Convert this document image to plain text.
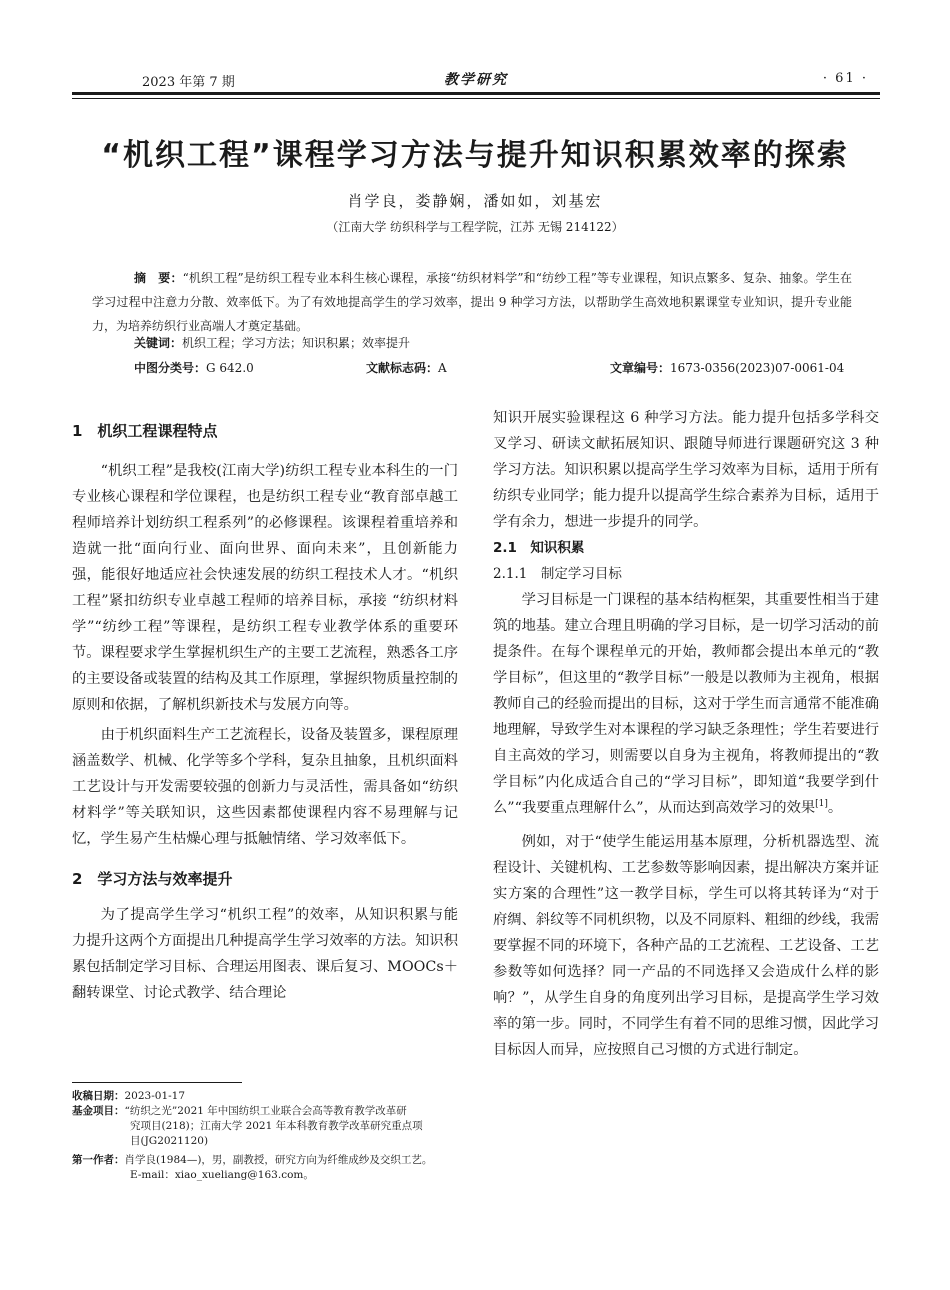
2023 年第 7 期	教学研究	· 61 ·
“机织工程”课程学习方法与提升知识积累效率的探索
肖学良，娄静娴，潘如如，刘基宏
（江南大学 纺织科学与工程学院，江苏 无锡 214122）
摘　要：“机织工程”是纺织工程专业本科生核心课程，承接“纺织材料学”和“纺纱工程”等专业课程，知识点繁多、复杂、抽象。学生在学习过程中注意力分散、效率低下。为了有效地提高学生的学习效率，提出 9 种学习方法，以帮助学生高效地积累课堂专业知识，提升专业能力，为培养纺织行业高端人才奠定基础。
关键词：机织工程；学习方法；知识积累；效率提升
中图分类号：G 642.0	文献标志码：A	文章编号：1673-0356(2023)07-0061-04

1　机织工程课程特点

“机织工程”是我校(江南大学)纺织工程专业本科生的一门专业核心课程和学位课程，也是纺织工程专业“教育部卓越工程师培养计划纺织工程系列”的必修课程。该课程着重培养和造就一批“面向行业、面向世界、面向未来”，且创新能力强，能很好地适应社会快速发展的纺织工程技术人才。“机织工程”紧扣纺织专业卓越工程师的培养目标，承接 “纺织材料学”“纺纱工程”等课程，是纺织工程专业教学体系的重要环节。课程要求学生掌握机织生产的主要工艺流程，熟悉各工序的主要设备或装置的结构及其工作原理，掌握织物质量控制的原则和依据，了解机织新技术与发展方向等。

由于机织面料生产工艺流程长，设备及装置多，课程原理涵盖数学、机械、化学等多个学科，复杂且抽象，且机织面料工艺设计与开发需要较强的创新力与灵活性，需具备如“纺织材料学”等关联知识，这些因素都使课程内容不易理解与记忆，学生易产生枯燥心理与抵触情绪、学习效率低下。

2　学习方法与效率提升

为了提高学生学习“机织工程”的效率，从知识积累与能力提升这两个方面提出几种提高学生学习效率的方法。知识积累包括制定学习目标、合理运用图表、课后复习、MOOCs＋翻转课堂、讨论式教学、结合理论

知识开展实验课程这 6 种学习方法。能力提升包括多学科交叉学习、研读文献拓展知识、跟随导师进行课题研究这 3 种学习方法。知识积累以提高学生学习效率为目标，适用于所有纺织专业同学；能力提升以提高学生综合素养为目标，适用于学有余力，想进一步提升的同学。

2.1　知识积累

2.1.1　制定学习目标

学习目标是一门课程的基本结构框架，其重要性相当于建筑的地基。建立合理且明确的学习目标，是一切学习活动的前提条件。在每个课程单元的开始，教师都会提出本单元的“教学目标”，但这里的“教学目标”一般是以教师为主视角，根据教师自己的经验而提出的目标，这对于学生而言通常不能准确地理解，导致学生对本课程的学习缺乏条理性；学生若要进行自主高效的学习，则需要以自身为主视角，将教师提出的“教学目标”内化成适合自己的“学习目标”，即知道“我要学到什么”“我要重点理解什么”，从而达到高效学习的效果[1]。

例如，对于“使学生能运用基本原理，分析机器选型、流程设计、关键机构、工艺参数等影响因素，提出解决方案并证实方案的合理性”这一教学目标，学生可以将其转译为“对于府绸、斜纹等不同机织物，以及不同原料、粗细的纱线，我需要掌握不同的环境下，各种产品的工艺流程、工艺设备、工艺参数等如何选择？同一产品的不同选择又会造成什么样的影响？”，从学生自身的角度列出学习目标，是提高学生学习效率的第一步。同时，不同学生有着不同的思维习惯，因此学习目标因人而异，应按照自己习惯的方式进行制定。

收稿日期：2023-01-17
基金项目：“纺织之光”2021 年中国纺织工业联合会高等教育教学改革研
究项目(218)；江南大学 2021 年本科教育教学改革研究重点项
目(JG2021120)
第一作者：肖学良(1984—)，男，副教授，研究方向为纤维成纱及交织工艺。
E-mail：xiao_xueliang@163.com。
